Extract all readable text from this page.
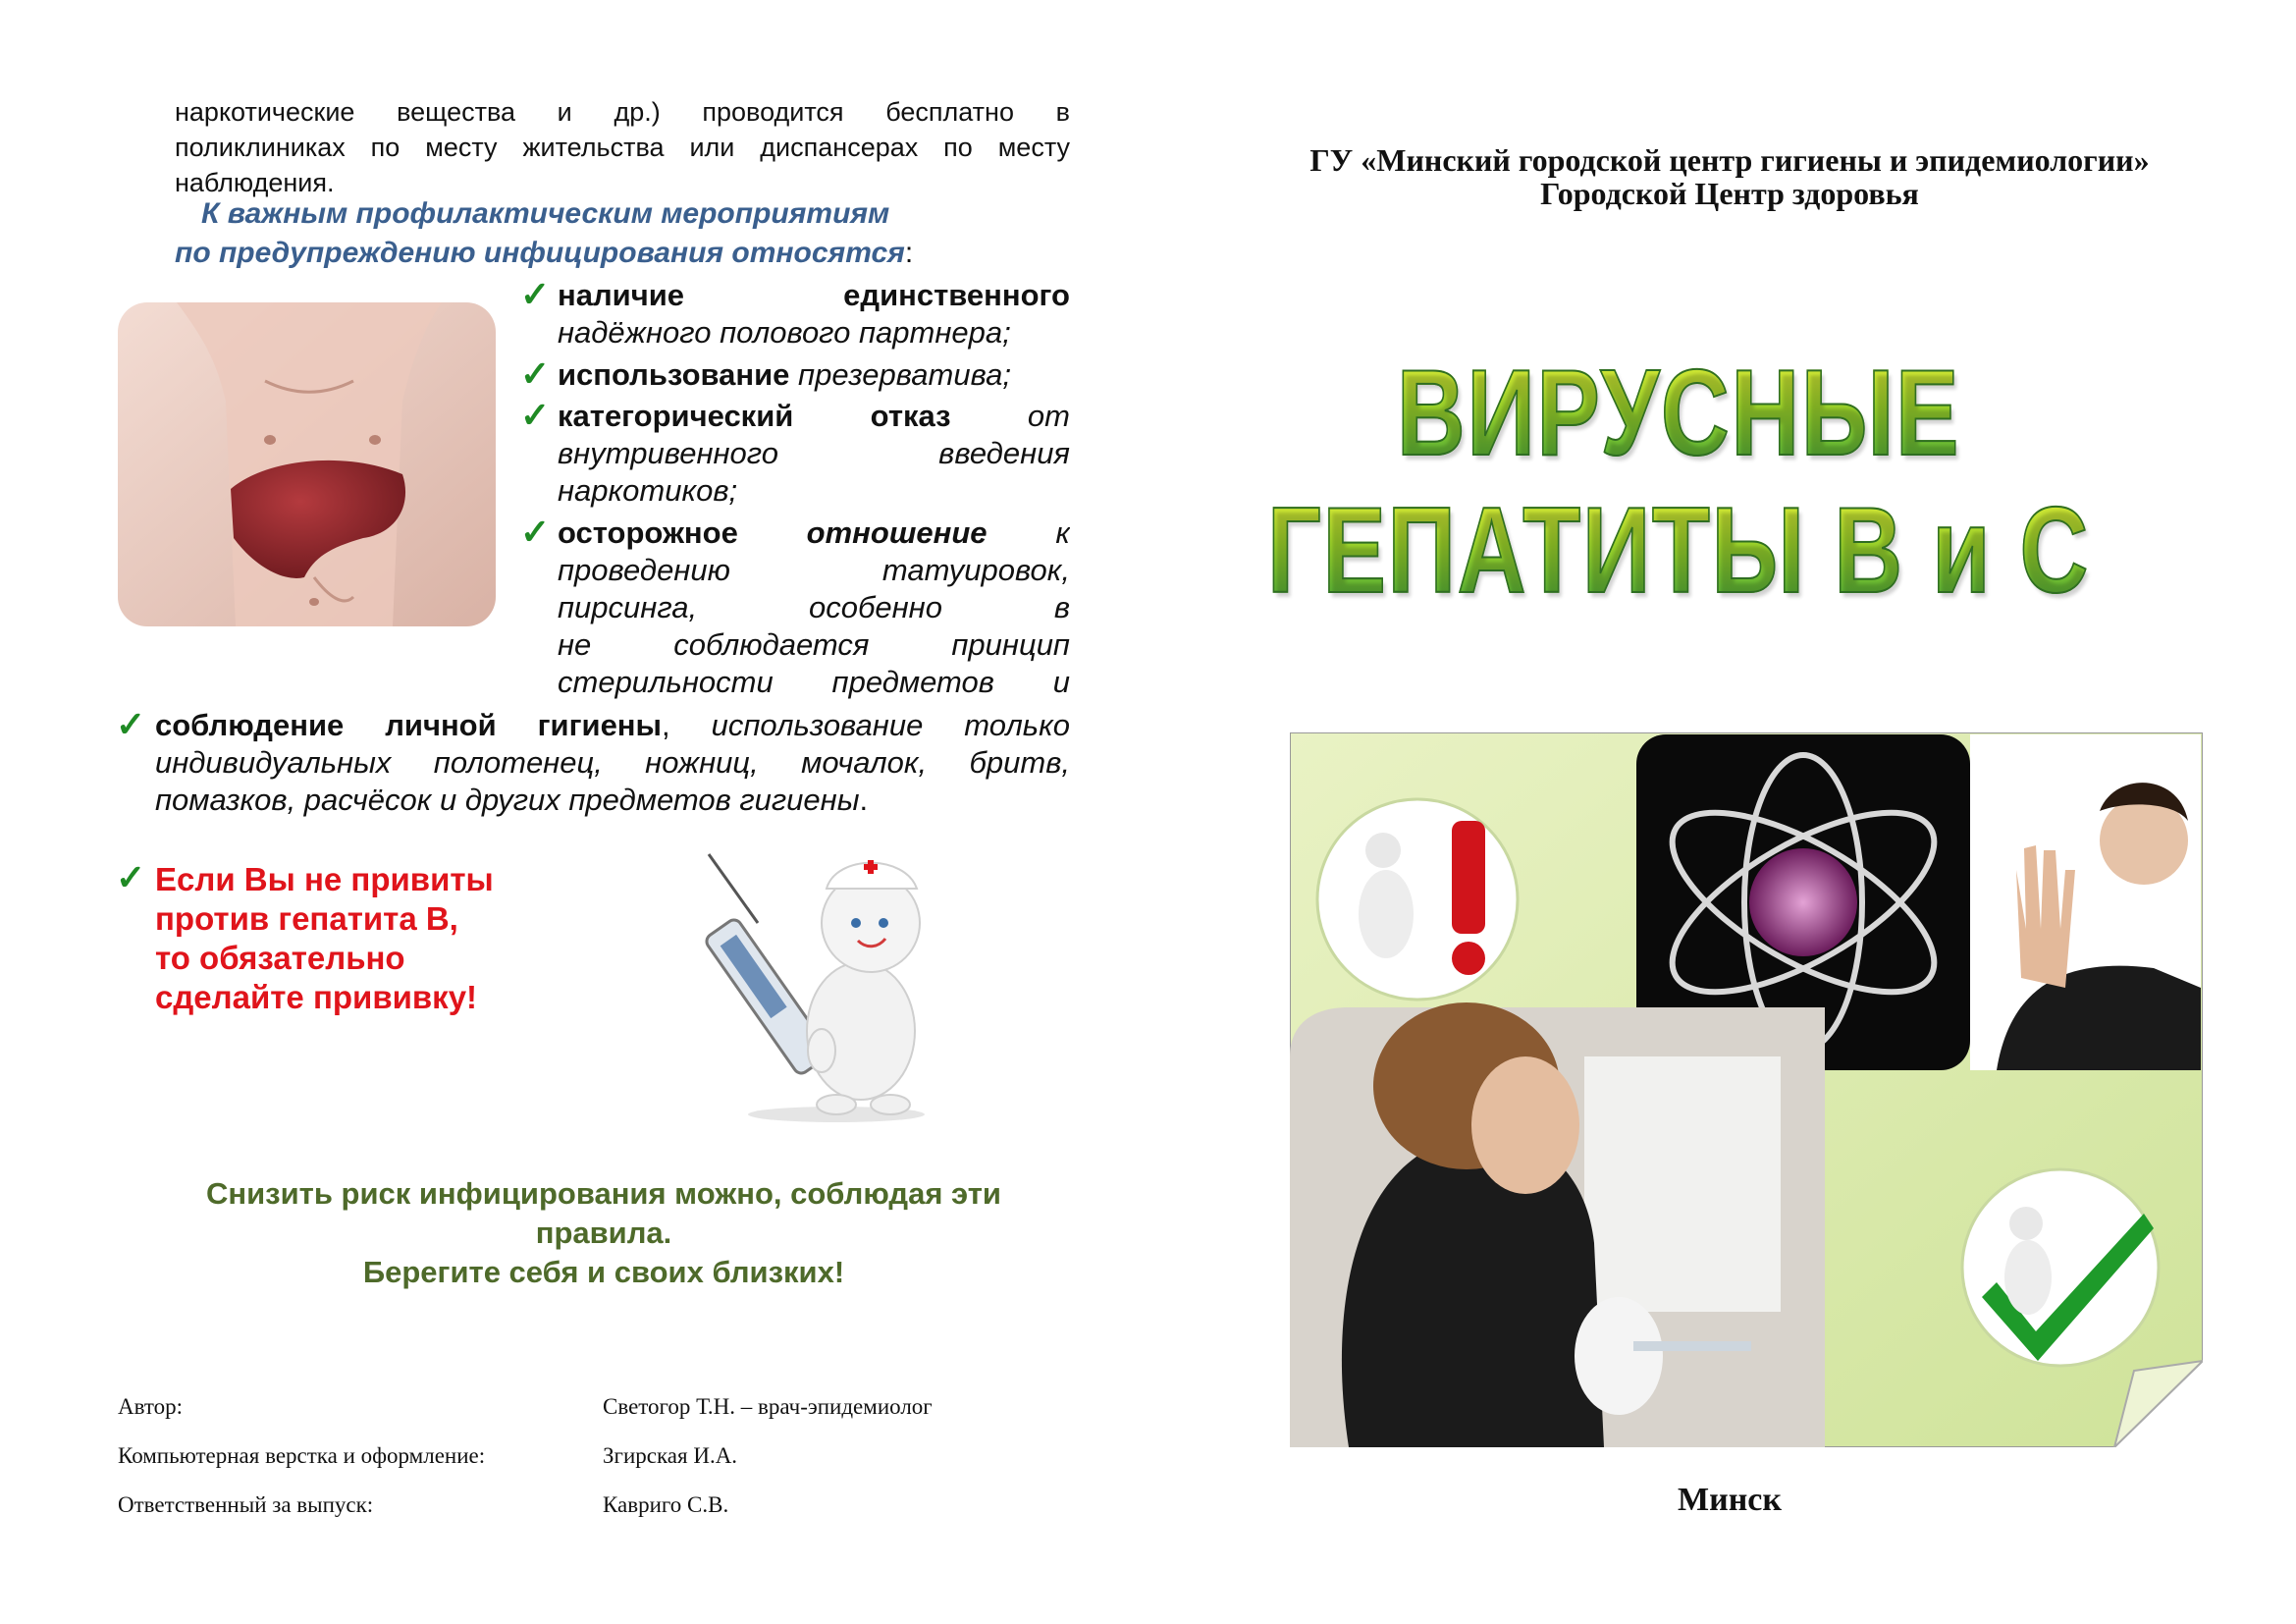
наркотические вещества и др.) проводится бесплатно в
поликлиниках по месту жительства или диспансерах по месту
наблюдения.
К важным профилактическим мероприятиям
по предупреждению инфицирования относятся:
✓ наличие единственного
надёжного полового партнера;
✓ использование презерватива;
✓ категорический отказ	от внутривенного введения наркотиков;
✓ осторожное отношение к проведению татуировок, пирсинга, особенно в
не соблюдается принцип стерильности предметов и
✓ соблюдение личной гигиены, использование только индивидуальных полотенец, ножниц, мочалок, бритв, помазков, расчёсок и других предметов гигиены.
✓ Если Вы не привиты
против гепатита В,
то обязательно
сделайте прививку!
Снизить риск инфицирования можно, соблюдая эти
правила.
Берегите себя и своих близких!
Автор:	Светогор Т.Н. – врач-эпидемиолог
Компьютерная верстка и оформление:	Згирская И.А.
Ответственный за выпуск:	Кавриго С.В.
ГУ «Минский городской центр гигиены и эпидемиологии»
Городской Центр здоровья
ВИРУСНЫЕ
ГЕПАТИТЫ В и С
Минск
